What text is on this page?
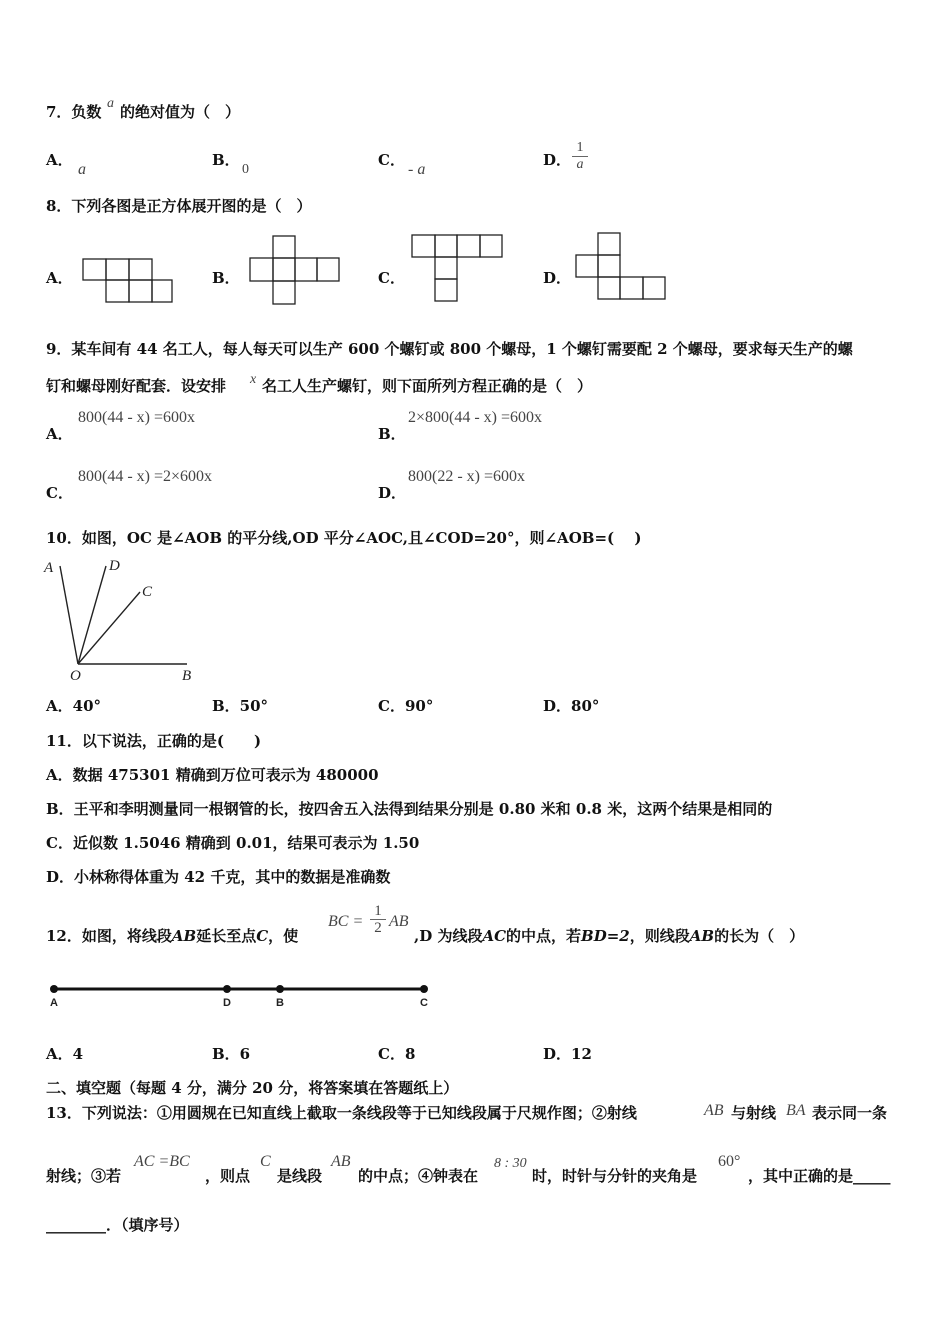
7．负数 a 的绝对值为（　）
A．
a
B．
0
C．
- a
D． $\frac{1}{a}$
8．下列各图是正方体展开图的是（　）
A．	B．	C．	D．
9．某车间有 44 名工人，每人每天可以生产 600 个螺钉或 800 个螺母，1 个螺钉需要配 2 个螺母，要求每天生产的螺
钉和螺母刚好配套．设安排 x 名工人生产螺钉，则下面所列方程正确的是（　）
A．
800(44 - x) =600x
B．
2×800(44 - x) =600x
C．
800(44 - x) =2×600x
D．
800(22 - x) =600x
10．如图，OC 是∠AOB 的平分线,OD 平分∠AOC,且∠COD=20°，则∠AOB=(　 )
A	D
C
O	B
A．40°	B．50°	C．90°	D．80°
11．以下说法，正确的是(　　)
A．数据 475301 精确到万位可表示为 480000
B．王平和李明测量同一根钢管的长，按四舍五入法得到结果分别是 0.80 米和 0.8 米，这两个结果是相同的
C．近似数 1.5046 精确到 0.01，结果可表示为 1.50
D．小林称得体重为 42 千克，其中的数据是准确数
12．如图，将线段AB延长至点C，使
BC = $\frac{1}{2}$ AB
,D 为线段AC的中点，若BD=2，则线段AB的长为（　）
A	D	B	C
A．4	B．6	C．8	D．12
二、填空题（每题 4 分，满分 20 分，将答案填在答题纸上）
13．下列说法：①用圆规在已知直线上截取一条线段等于已知线段属于尺规作图；②射线	AB 与射线 BA 表示同一条
射线；③若
AC =BC
，则点
C
是线段
AB
的中点；④钟表在
8 : 30
时，时针与分针的夹角是
60°
，其中正确的是_____
________．（填序号）
